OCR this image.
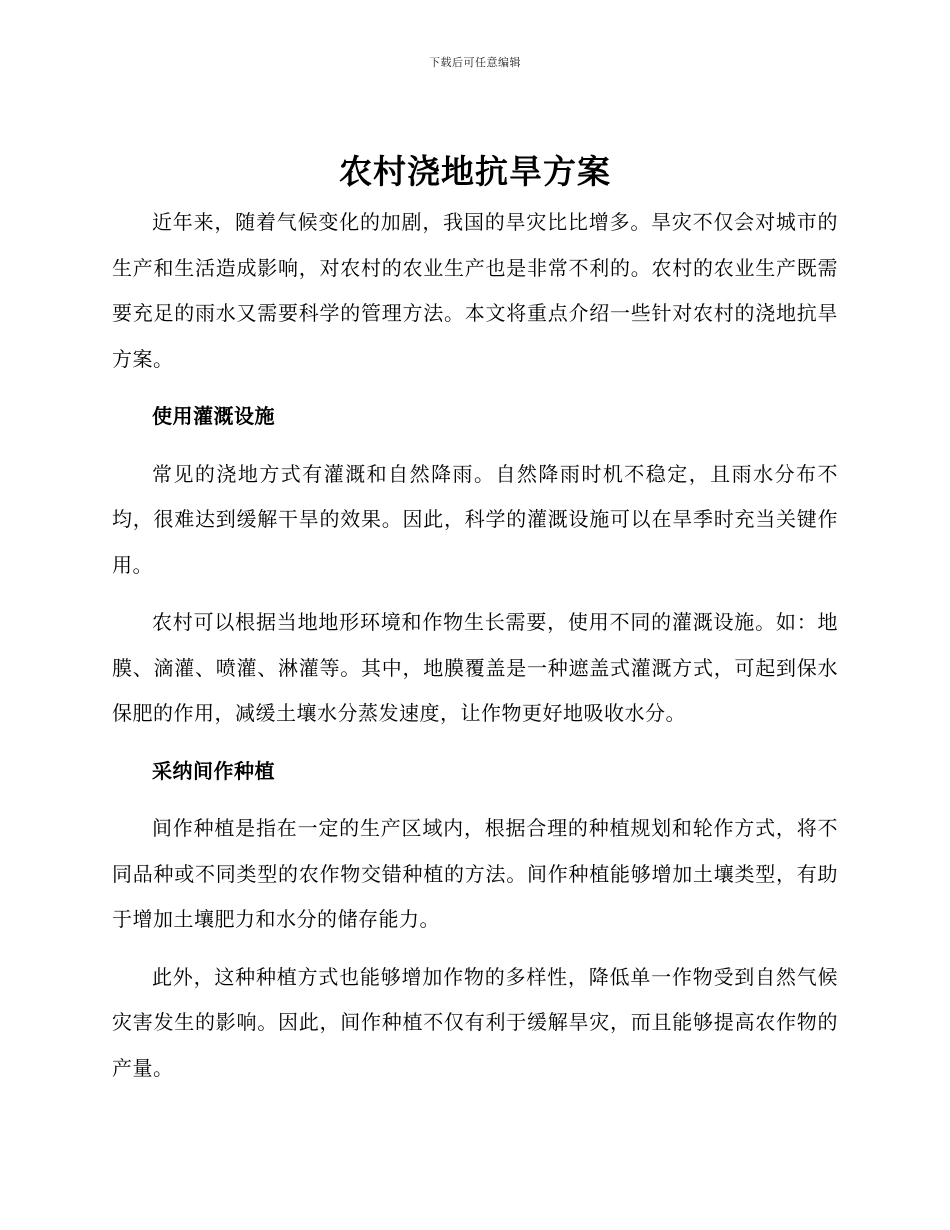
下载后可任意编辑
农村浇地抗旱方案

近年来，随着气候变化的加剧，我国的旱灾比比增多。旱灾不仅会对城市的生产和生活造成影响，对农村的农业生产也是非常不利的。农村的农业生产既需要充足的雨水又需要科学的管理方法。本文将重点介绍一些针对农村的浇地抗旱方案。

使用灌溉设施

常见的浇地方式有灌溉和自然降雨。自然降雨时机不稳定，且雨水分布不均，很难达到缓解干旱的效果。因此，科学的灌溉设施可以在旱季时充当关键作用。

农村可以根据当地地形环境和作物生长需要，使用不同的灌溉设施。如：地膜、滴灌、喷灌、淋灌等。其中，地膜覆盖是一种遮盖式灌溉方式，可起到保水保肥的作用，减缓土壤水分蒸发速度，让作物更好地吸收水分。

采纳间作种植

间作种植是指在一定的生产区域内，根据合理的种植规划和轮作方式，将不同品种或不同类型的农作物交错种植的方法。间作种植能够增加土壤类型，有助于增加土壤肥力和水分的储存能力。

此外，这种种植方式也能够增加作物的多样性，降低单一作物受到自然气候灾害发生的影响。因此，间作种植不仅有利于缓解旱灾，而且能够提高农作物的产量。
